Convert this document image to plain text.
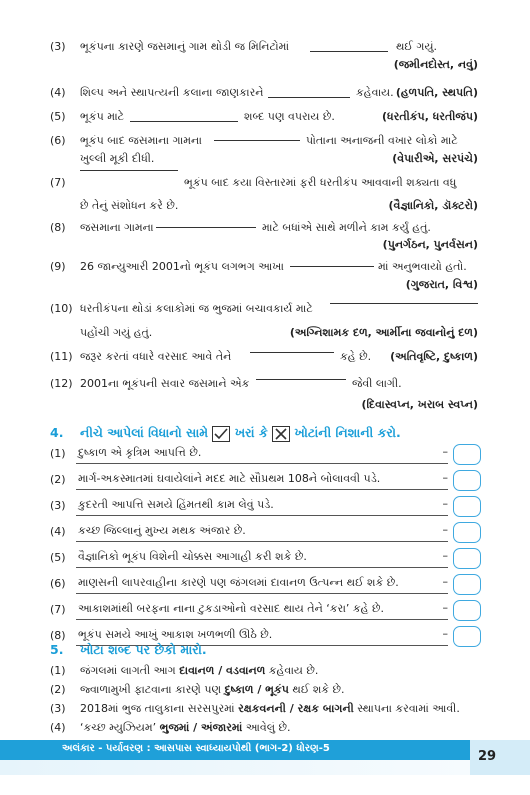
(3) ભૂકંપના કારણે જસમાનું ગામ થોડી જ મિનિટોમાં	થઈ ગયું.
(જમીનદોસ્ત, નવું)
(4) શિલ્પ અને સ્થાપત્યની કલાના જાણકારને	કહેવાય. (હળપતિ, સ્થપતિ)
(5) ભૂકંપ માટે	શબ્દ પણ વપરાય છે.	(ધરતીકંપ, ધરતીજંપ)
(6) ભૂકંપ બાદ જસમાના ગામના	પોતાના અનાજની વખાર લોકો માટે
ખુલ્લી મૂકી દીધી.	(વેપારીએ, સરપંચે)
(7)	ભૂકંપ બાદ કયા વિસ્તારમાં ફરી ધરતીકંપ આવવાની શક્યતા વધુ
છે તેનું સંશોધન કરે છે.	(વૈજ્ઞાનિકો, ડૉક્ટરો)
(8) જસમાના ગામના	માટે બધાંએ સાથે મળીને કામ કર્યું હતું.
(પુનર્ગઠન, પુનર્વસન)
(9) 26 જાન્યુઆરી 2001નો ભૂકંપ લગભગ આખા	માં અનુભવાયો હતો.
(ગુજરાત, વિશ્વ)
(10) ધરતીકંપના થોડાં કલાકોમાં જ ભુજમાં બચાવકાર્ય માટે
પહોંચી ગયું હતું.	(અગ્નિશામક દળ, આર્મીના જવાનોનું દળ)
(11) જરૂર કરતાં વધારે વરસાદ આવે તેને	કહે છે. (અતિવૃષ્ટિ, દુષ્કાળ)
(12) 2001ના ભૂકંપની સવાર જસમાને એક	જેવી લાગી.
(દિવાસ્વપ્ન, ખરાબ સ્વપ્ન)
4. નીચે આપેલાં વિધાનો સામે ખરાં કે ખોટાંની નિશાની કરો.
(1) દુષ્કાળ એ કૃત્રિમ આપત્તિ છે.	–
(2) માર્ગ-અકસ્માતમાં ઘવાયેલાંને મદદ માટે સૌપ્રથમ 108ને બોલાવવી પડે.	–
(3) કુદરતી આપત્તિ સમયે હિંમતથી કામ લેવું પડે.	–
(4) કચ્છ જિલ્લાનું મુખ્ય મથક અંજાર છે.	–
(5) વૈજ્ઞાનિકો ભૂકંપ વિશેની ચોક્કસ આગાહી કરી શકે છે.	–
(6) માણસની લાપરવાહીના કારણે પણ જંગલમાં દાવાનળ ઉત્પન્ન થઈ શકે છે.	–
(7) આકાશમાંથી બરફના નાના ટુકડાઓનો વરસાદ થાય તેને ‘કરા’ કહે છે.	–
(8) ભૂકંપ સમયે આખું આકાશ ખળભળી ઊઠે છે.	–
5. ખોટા શબ્દ પર છેકો મારો.
(1) જંગલમાં લાગતી આગ દાવાનળ / વડવાનળ કહેવાય છે.
(2) જ્વાળામુખી ફાટવાના કારણે પણ દુષ્કાળ / ભૂકંપ થઈ શકે છે.
(3) 2018માં ભુજ તાલુકાના સરસપુરમાં રક્ષકવનની / રક્ષક બાગની સ્થાપના કરવામાં આવી.
(4) ‘કચ્છ મ્યુઝિયમ’ ભુજમાં / અંજારમાં આવેલું છે.
અલંકાર - પર્યાવરણ : આસપાસ સ્વાધ્યાયપોથી (ભાગ-2) ધોરણ-5
29
